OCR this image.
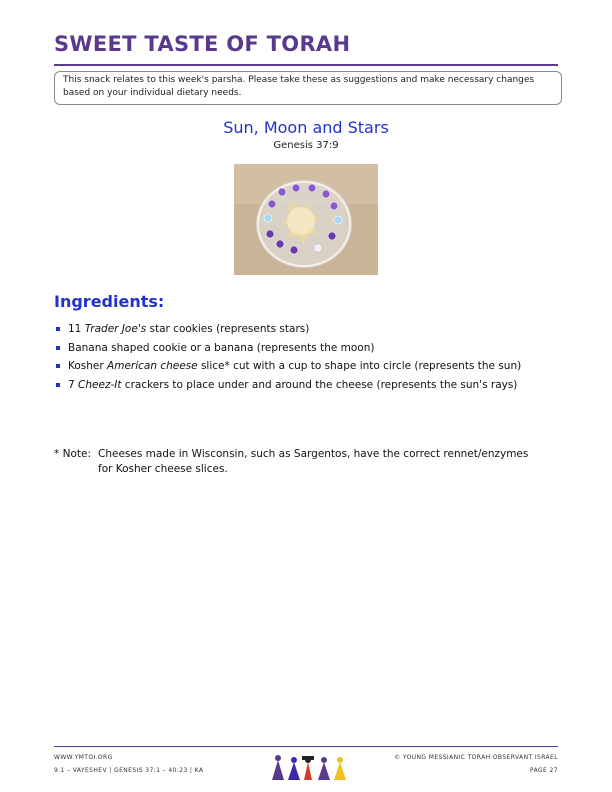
SWEET TASTE OF TORAH
This snack relates to this week's parsha. Please take these as suggestions and make necessary changes based on your individual dietary needs.
Sun, Moon and Stars
Genesis 37:9
Ingredients:
11 Trader Joe's star cookies (represents stars)
Banana shaped cookie or a banana (represents the moon)
Kosher American cheese slice* cut with a cup to shape into circle (represents the sun)
7 Cheez-It crackers to place under and around the cheese (represents the sun's rays)
* Note: Cheeses made in Wisconsin, such as Sargentos, have the correct rennet/enzymes
for Kosher cheese slices.
WWW.YMTOI.ORG
9.1 – VAYESHEV | GENESIS 37:1 – 40:23 | KA
© YOUNG MESSIANIC TORAH OBSERVANT ISRAEL
PAGE 27
